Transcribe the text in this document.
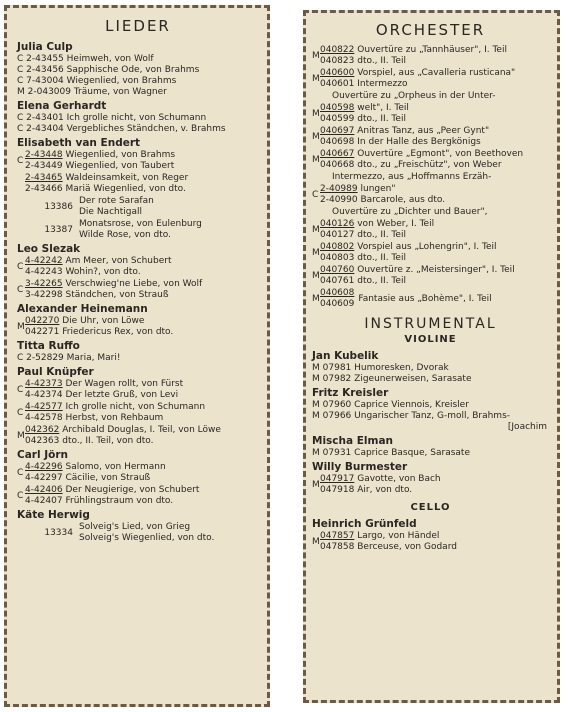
LIEDER
Julia Culp
C 2-43455 Heimweh, von Wolf
C 2-43456 Sapphische Ode, von Brahms
C 7-43004 Wiegenlied, von Brahms
M 2-043009 Träume, von Wagner
Elena Gerhardt
C 2-43401 Ich grolle nicht, von Schumann
C 2-43404 Vergebliches Ständchen, v. Brahms
Elisabeth van Endert
C
2-43448 Wiegenlied, von Brahms
2-43449 Wiegenlied, von Taubert
2-43465 Waldeinsamkeit, von Reger
2-43466 Mariä Wiegenlied, von dto.
13386
Der rote Sarafan
Die Nachtigall
13387
Monatsrose, von Eulenburg
Wilde Rose, von dto.
Leo Slezak
C
4-42242 Am Meer, von Schubert
4-42243 Wohin?, von dto.
C
3-42265 Verschwieg'ne Liebe, von Wolf
3-42298 Ständchen, von Strauß
Alexander Heinemann
M
042270 Die Uhr, von Löwe
042271 Friedericus Rex, von dto.
Titta Ruffo
C 2-52829 Maria, Mari!
Paul Knüpfer
C
4-42373 Der Wagen rollt, von Fürst
4-42374 Der letzte Gruß, von Levi
C
4-42577 Ich grolle nicht, von Schumann
4-42578 Herbst, von Rehbaum
M
042362 Archibald Douglas, I. Teil, von Löwe
042363 dto., II. Teil, von dto.
Carl Jörn
C
4-42296 Salomo, von Hermann
4-42297 Cäcilie, von Strauß
C
4-42406 Der Neugierige, von Schubert
4-42407 Frühlingstraum von dto.
Käte Herwig
13334
Solveig's Lied, von Grieg
Solveig's Wiegenlied, von dto.
ORCHESTER
M
040822 Ouvertüre zu „Tannhäuser", I. Teil
040823 dto., II. Teil
M
040600 Vorspiel, aus „Cavalleria rusticana"
040601 Intermezzo
Ouvertüre zu „Orpheus in der Unter-
M
040598 welt", I. Teil
040599 dto., II. Teil
M
040697 Anitras Tanz, aus „Peer Gynt"
040698 In der Halle des Bergkönigs
M
040667 Ouvertüre „Egmont", von Beethoven
040668 dto., zu „Freischütz", von Weber
Intermezzo, aus „Hoffmanns Erzäh-
C
2-40989 lungen"
2-40990 Barcarole, aus dto.
Ouvertüre zu „Dichter und Bauer",
M
040126 von Weber, I. Teil
040127 dto., II. Teil
M
040802 Vorspiel aus „Lohengrin", I. Teil
040803 dto., II. Teil
M
040760 Ouvertüre z. „Meistersinger", I. Teil
040761 dto., II. Teil
M
040608
040609
Fantasie aus „Bohème", I. Teil
INSTRUMENTAL
VIOLINE
Jan Kubelik
M 07981 Humoresken, Dvorak
M 07982 Zigeunerweisen, Sarasate
Fritz Kreisler
M 07960 Caprice Viennois, Kreisler
M 07966 Ungarischer Tanz, G-moll, Brahms-
[Joachim
Mischa Elman
M 07931 Caprice Basque, Sarasate
Willy Burmester
M
047917 Gavotte, von Bach
047918 Air, von dto.
CELLO
Heinrich Grünfeld
M
047857 Largo, von Händel
047858 Berceuse, von Godard
